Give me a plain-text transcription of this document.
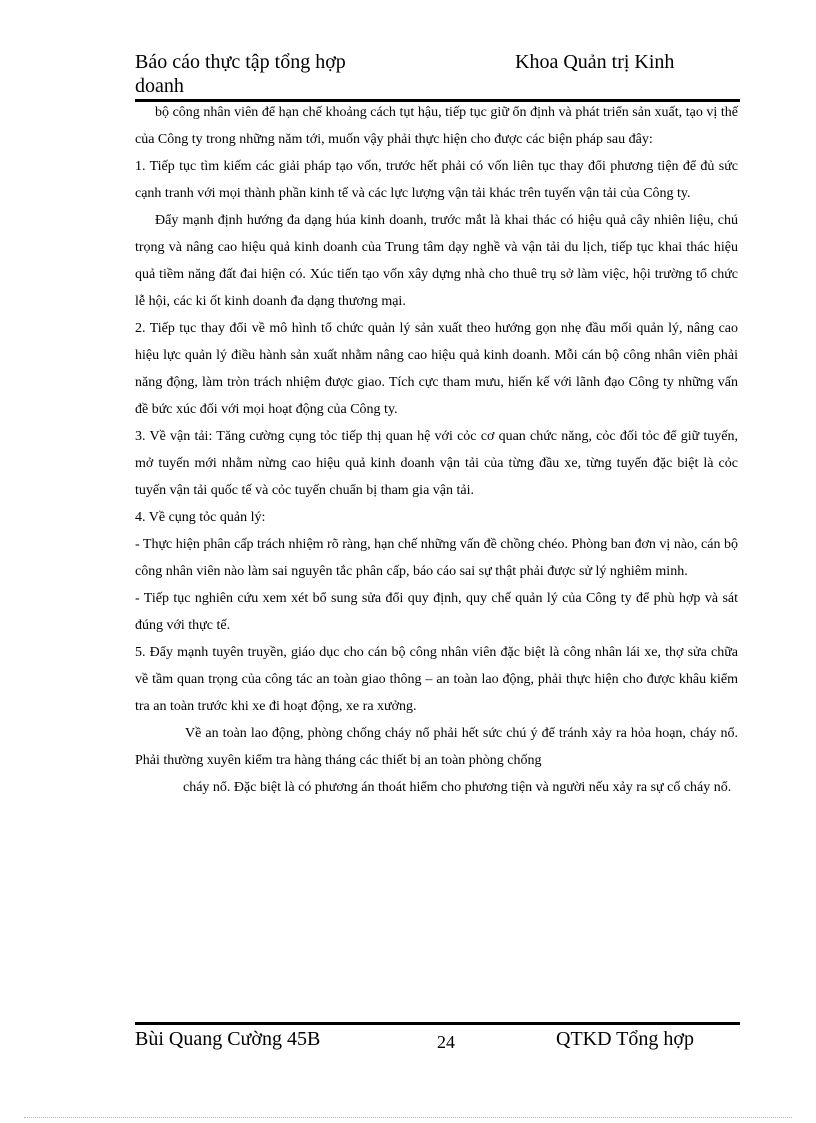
Báo cáo thực tập tổng hợp doanh
Khoa Quản trị Kinh

bộ công nhân viên để hạn chế khoảng cách tụt hậu, tiếp tục giữ ổn định và phát triển sản xuất, tạo vị thế của Công ty trong những năm tới, muốn vậy phải thực hiện cho được các biện pháp sau đây:

1. Tiếp tục tìm kiếm các giải pháp tạo vốn, trước hết phải có vốn liên tục thay đổi phương tiện để đủ sức cạnh tranh với mọi thành phần kinh tế và các lực lượng vận tải khác trên tuyến vận tải của Công ty.

Đẩy mạnh định hướng đa dạng húa kinh doanh, trước mắt là khai thác có hiệu quả cây nhiên liệu, chú trọng và nâng cao hiệu quả kinh doanh của Trung tâm dạy nghề và vận tải du lịch, tiếp tục khai thác hiệu quả tiềm năng đất đai hiện có. Xúc tiến tạo vốn xây dựng nhà cho thuê trụ sở làm việc, hội trường tổ chức lễ hội, các ki ốt kinh doanh đa dạng thương mại.

2. Tiếp tục thay đổi về mô hình tổ chức quản lý sản xuất theo hướng gọn nhẹ đầu mối quản lý, nâng cao hiệu lực quản lý điều hành sản xuất nhằm nâng cao hiệu quả kinh doanh. Mỗi cán bộ công nhân viên phải năng động, làm tròn trách nhiệm được giao. Tích cực tham mưu, hiến kế với lãnh đạo Công ty những vấn đề bức xúc đối với mọi hoạt động của Công ty.

3. Về vận tải: Tăng cường cụng tỏc tiếp thị quan hệ với cỏc cơ quan chức năng, cỏc đối tỏc để giữ tuyến, mở tuyến mới nhằm nừng cao hiệu quả kinh doanh vận tải của từng đầu xe, từng tuyến đặc biệt là cỏc tuyến vận tải quốc tế và cỏc tuyến chuẩn bị tham gia vận tải.

4. Về cụng tỏc quản lý:

- Thực hiện phân cấp trách nhiệm rõ ràng, hạn chế những vấn đề chồng chéo. Phòng ban đơn vị nào, cán bộ công nhân viên nào làm sai nguyên tắc phân cấp, báo cáo sai sự thật phải được sử lý nghiêm minh.

- Tiếp tục nghiên cứu xem xét bổ sung sửa đổi quy định, quy chế quản lý của Công ty để phù hợp và sát đúng với thực tế.

5. Đẩy mạnh tuyên truyền, giáo dục cho cán bộ công nhân viên đặc biệt là công nhân lái xe, thợ sửa chữa về tầm quan trọng của công tác an toàn giao thông – an toàn lao động, phải thực hiện cho được khâu kiểm tra an toàn trước khi xe đi hoạt động, xe ra xưởng.

Về an toàn lao động, phòng chống cháy nổ phải hết sức chú ý để tránh xảy ra hỏa hoạn, cháy nổ. Phải thường xuyên kiểm tra hàng tháng các thiết bị an toàn phòng chống

cháy nổ. Đặc biệt là có phương án thoát hiểm cho phương tiện và người nếu xảy ra sự cố cháy nổ.

Bùi Quang Cường 45B	24	QTKD Tổng hợp
